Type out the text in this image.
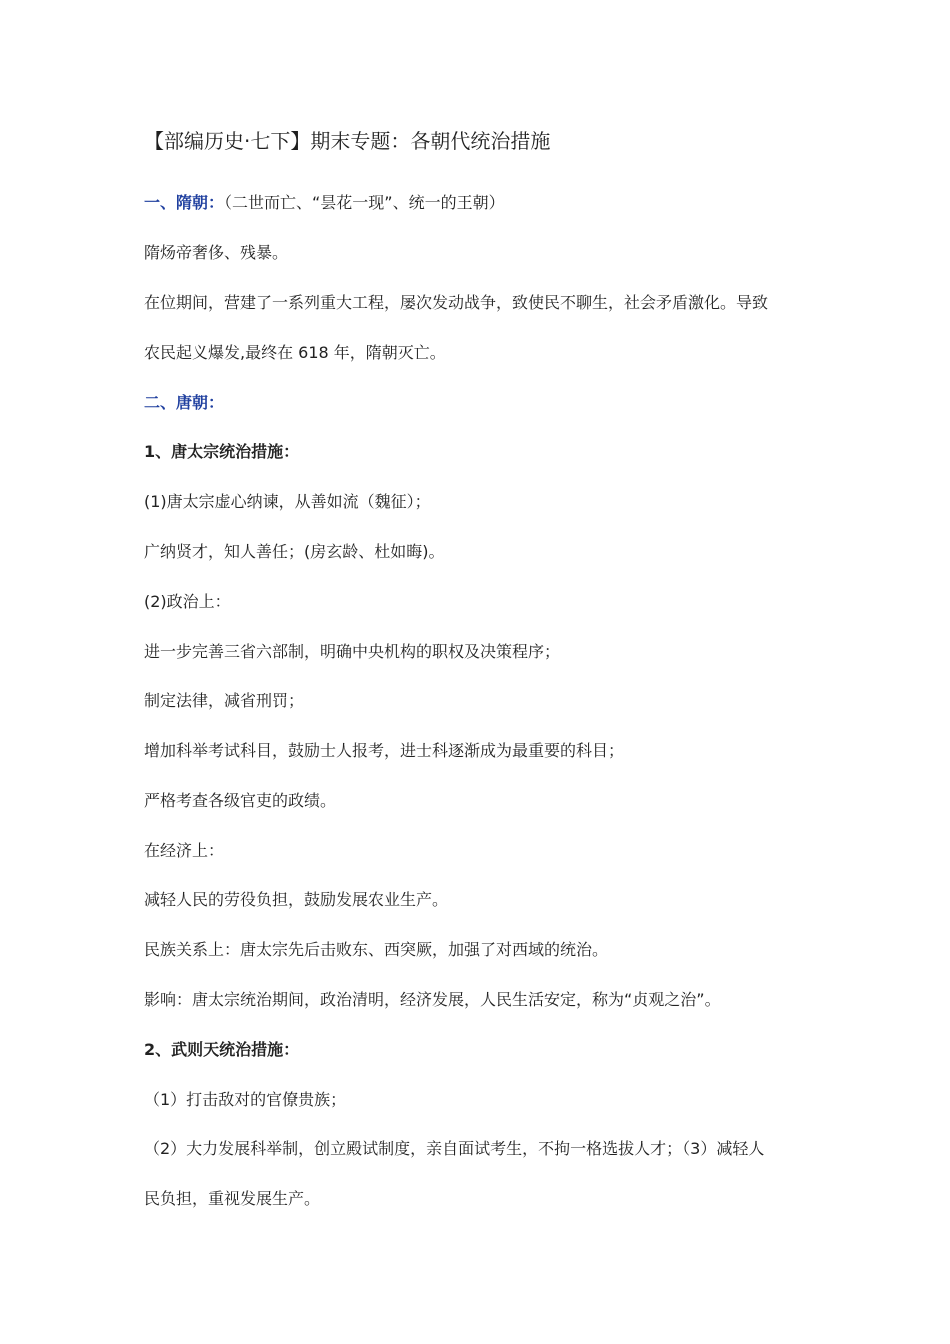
【部编历史·七下】期末专题：各朝代统治措施
一、隋朝：（二世而亡、“昙花一现”、统一的王朝）
隋炀帝奢侈、残暴。
在位期间，营建了一系列重大工程，屡次发动战争，致使民不聊生，社会矛盾激化。导致
农民起义爆发,最终在 618 年，隋朝灭亡。
二、唐朝：
1、唐太宗统治措施：
(1)唐太宗虚心纳谏，从善如流（魏征）；
广纳贤才，知人善任；(房玄龄、杜如晦)。
(2)政治上：
进一步完善三省六部制，明确中央机构的职权及决策程序；
制定法律，减省刑罚；
增加科举考试科目，鼓励士人报考，进士科逐渐成为最重要的科目；
严格考查各级官吏的政绩。
在经济上：
减轻人民的劳役负担，鼓励发展农业生产。
民族关系上：唐太宗先后击败东、西突厥，加强了对西域的统治。
影响：唐太宗统治期间，政治清明，经济发展，人民生活安定，称为“贞观之治”。
2、武则天统治措施：
（1）打击敌对的官僚贵族；
（2）大力发展科举制，创立殿试制度，亲自面试考生，不拘一格选拔人才；（3）减轻人
民负担，重视发展生产。
